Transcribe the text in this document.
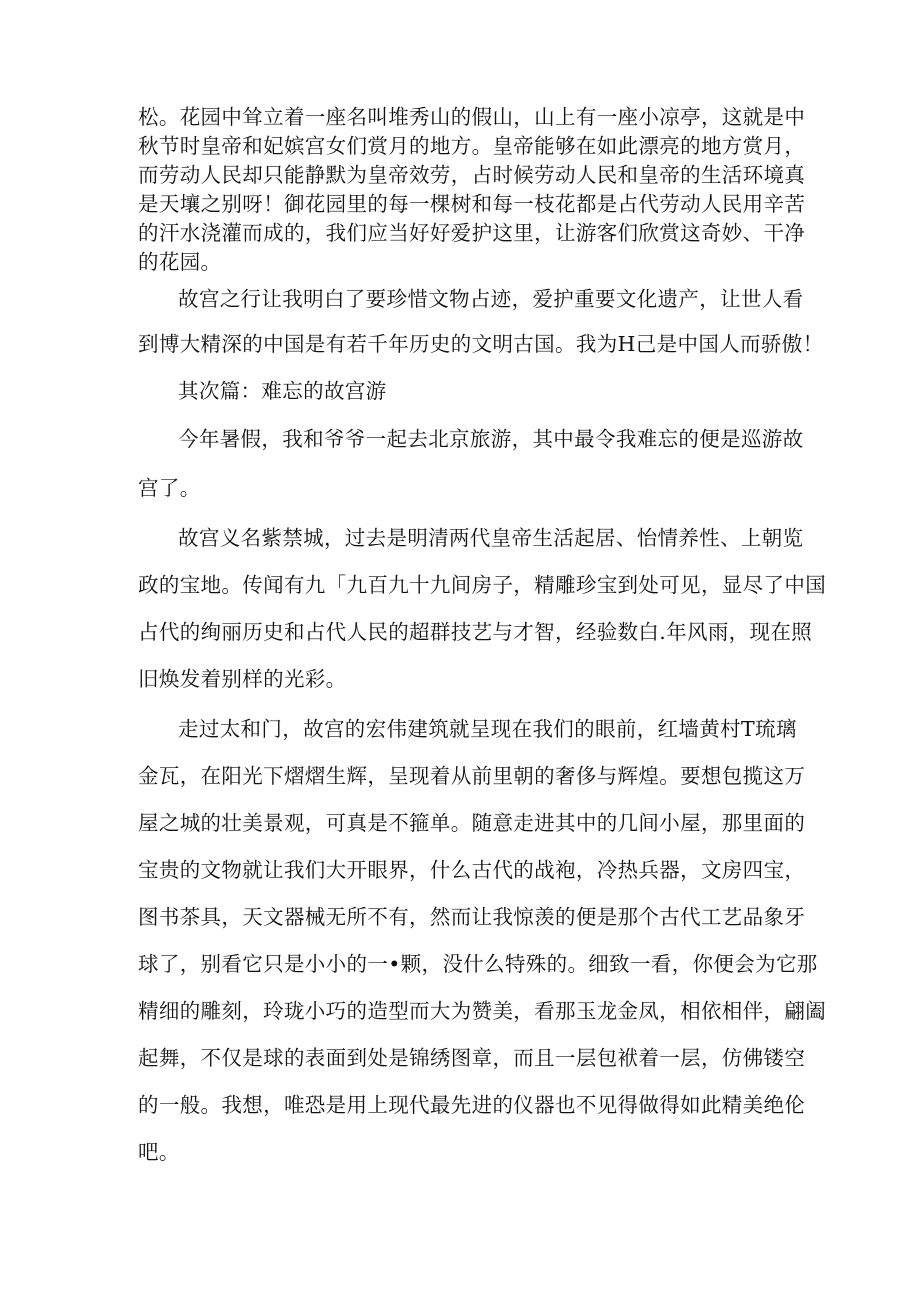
松。花园中耸立着一座名叫堆秀山的假山，山上有一座小凉亭，这就是中
秋节时皇帝和妃嫔宫女们赏月的地方。皇帝能够在如此漂亮的地方赏月，
而劳动人民却只能静默为皇帝效劳，占时候劳动人民和皇帝的生活环境真
是天壤之别呀！御花园里的每一棵树和每一枝花都是占代劳动人民用辛苦
的汗水浇灌而成的，我们应当好好爱护这里，让游客们欣赏这奇妙、干净
的花园。
故宫之行让我明白了要珍惜文物占迹，爱护重要文化遗产，让世人看
到博大精深的中国是有若千年历史的文明古国。我为H己是中国人而骄傲！
其次篇：难忘的故宫游
今年暑假，我和爷爷一起去北京旅游，其中最令我难忘的便是巡游故
宫了。
故宫义名紫禁城，过去是明清两代皇帝生活起居、怡情养性、上朝览
政的宝地。传闻有九「九百九十九间房子，精雕珍宝到处可见，显尽了中国
占代的绚丽历史和占代人民的超群技艺与才智，经验数白.年风雨，现在照
旧焕发着别样的光彩。
走过太和门，故宫的宏伟建筑就呈现在我们的眼前，红墙黄村T琉璃
金瓦，在阳光下熠熠生辉，呈现着从前里朝的奢侈与辉煌。要想包揽这万
屋之城的壮美景观，可真是不箍单。随意走进其中的几间小屋，那里面的
宝贵的文物就让我们大开眼界，什么古代的战袍，冷热兵器，文房四宝，
图书茶具，天文器械无所不有，然而让我惊羡的便是那个古代工艺品象牙
球了，别看它只是小小的一•颗，没什么特殊的。细致一看，你便会为它那
精细的雕刻，玲珑小巧的造型而大为赞美，看那玉龙金凤，相依相伴，翩阖
起舞，不仅是球的表面到处是锦绣图章，而且一层包袱着一层，仿佛镂空
的一般。我想，唯恐是用上现代最先进的仪器也不见得做得如此精美绝伦
吧。
